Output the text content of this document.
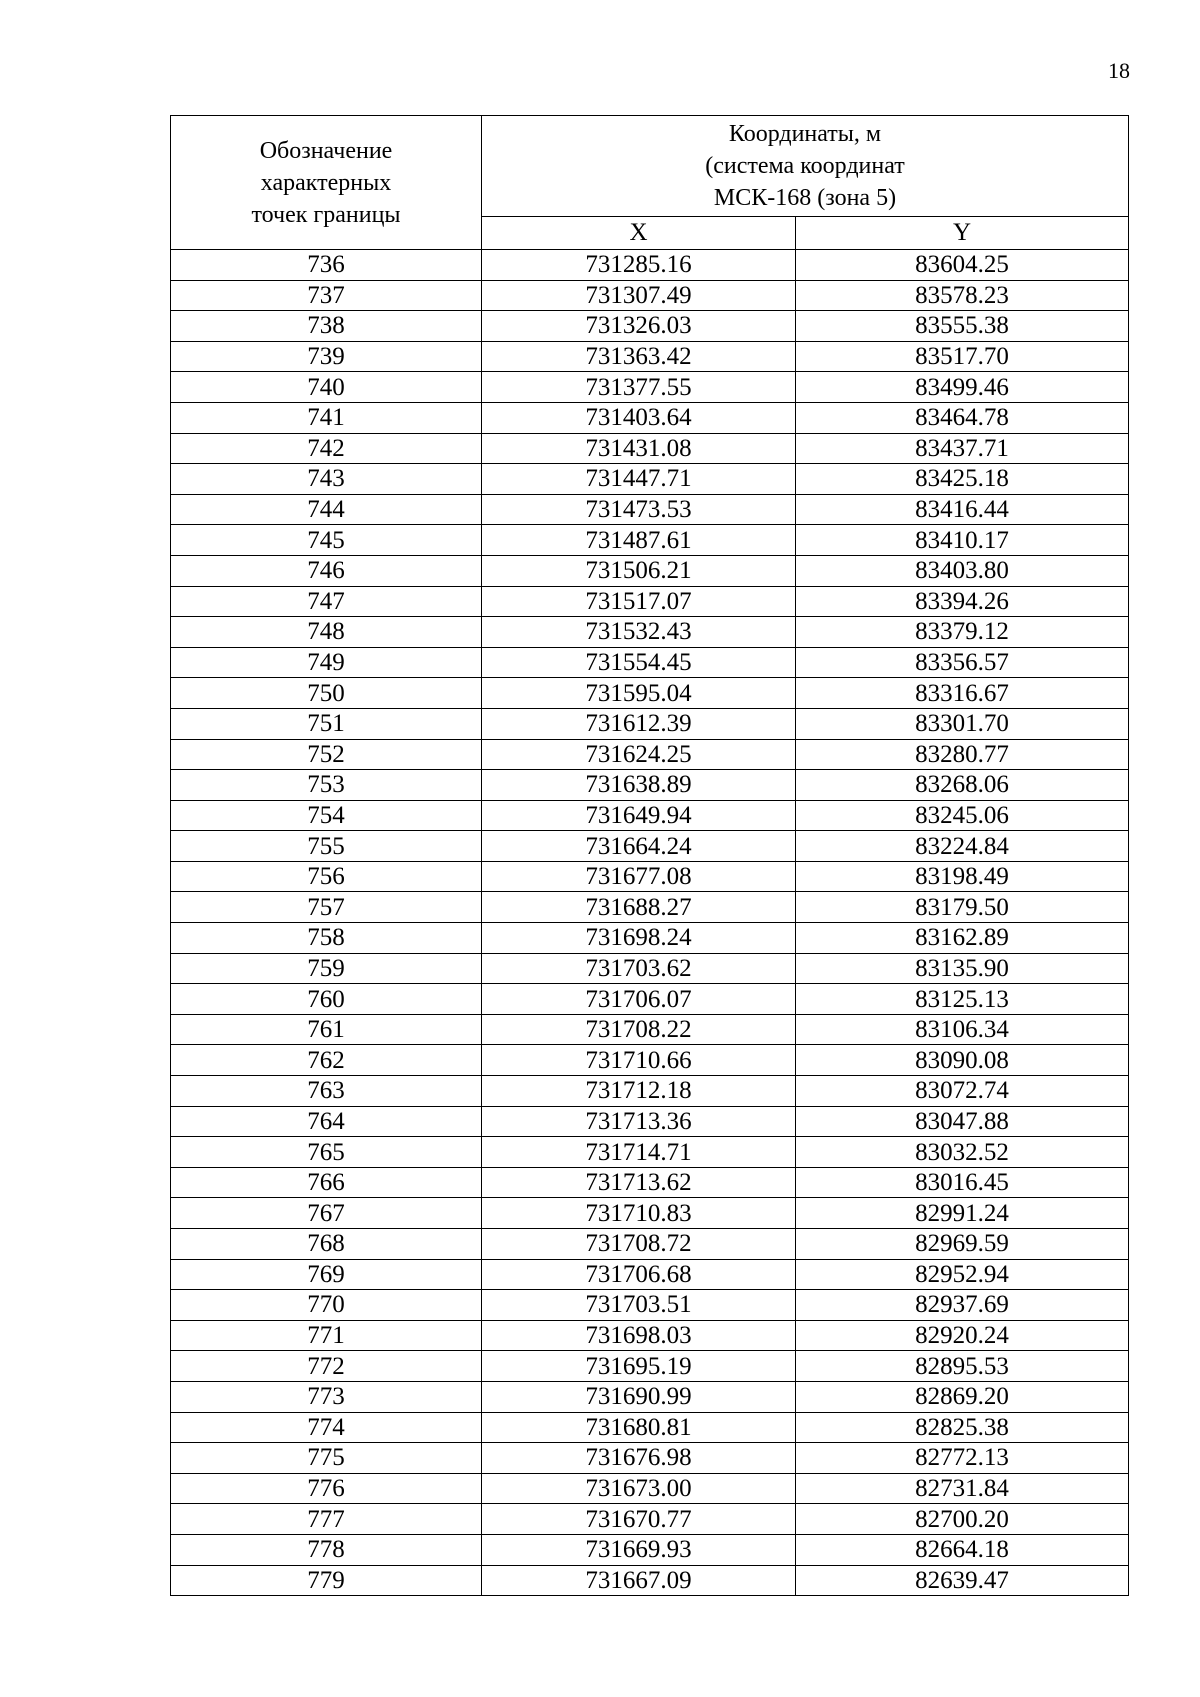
18
Обозначение
характерных
точек границы	Координаты, м
(система координат
МСК-168 (зона 5)	

	X	Y
736	731285.16	83604.25
737	731307.49	83578.23
738	731326.03	83555.38
739	731363.42	83517.70
740	731377.55	83499.46
741	731403.64	83464.78
742	731431.08	83437.71
743	731447.71	83425.18
744	731473.53	83416.44
745	731487.61	83410.17
746	731506.21	83403.80
747	731517.07	83394.26
748	731532.43	83379.12
749	731554.45	83356.57
750	731595.04	83316.67
751	731612.39	83301.70
752	731624.25	83280.77
753	731638.89	83268.06
754	731649.94	83245.06
755	731664.24	83224.84
756	731677.08	83198.49
757	731688.27	83179.50
758	731698.24	83162.89
759	731703.62	83135.90
760	731706.07	83125.13
761	731708.22	83106.34
762	731710.66	83090.08
763	731712.18	83072.74
764	731713.36	83047.88
765	731714.71	83032.52
766	731713.62	83016.45
767	731710.83	82991.24
768	731708.72	82969.59
769	731706.68	82952.94
770	731703.51	82937.69
771	731698.03	82920.24
772	731695.19	82895.53
773	731690.99	82869.20
774	731680.81	82825.38
775	731676.98	82772.13
776	731673.00	82731.84
777	731670.77	82700.20
778	731669.93	82664.18
779	731667.09	82639.47
